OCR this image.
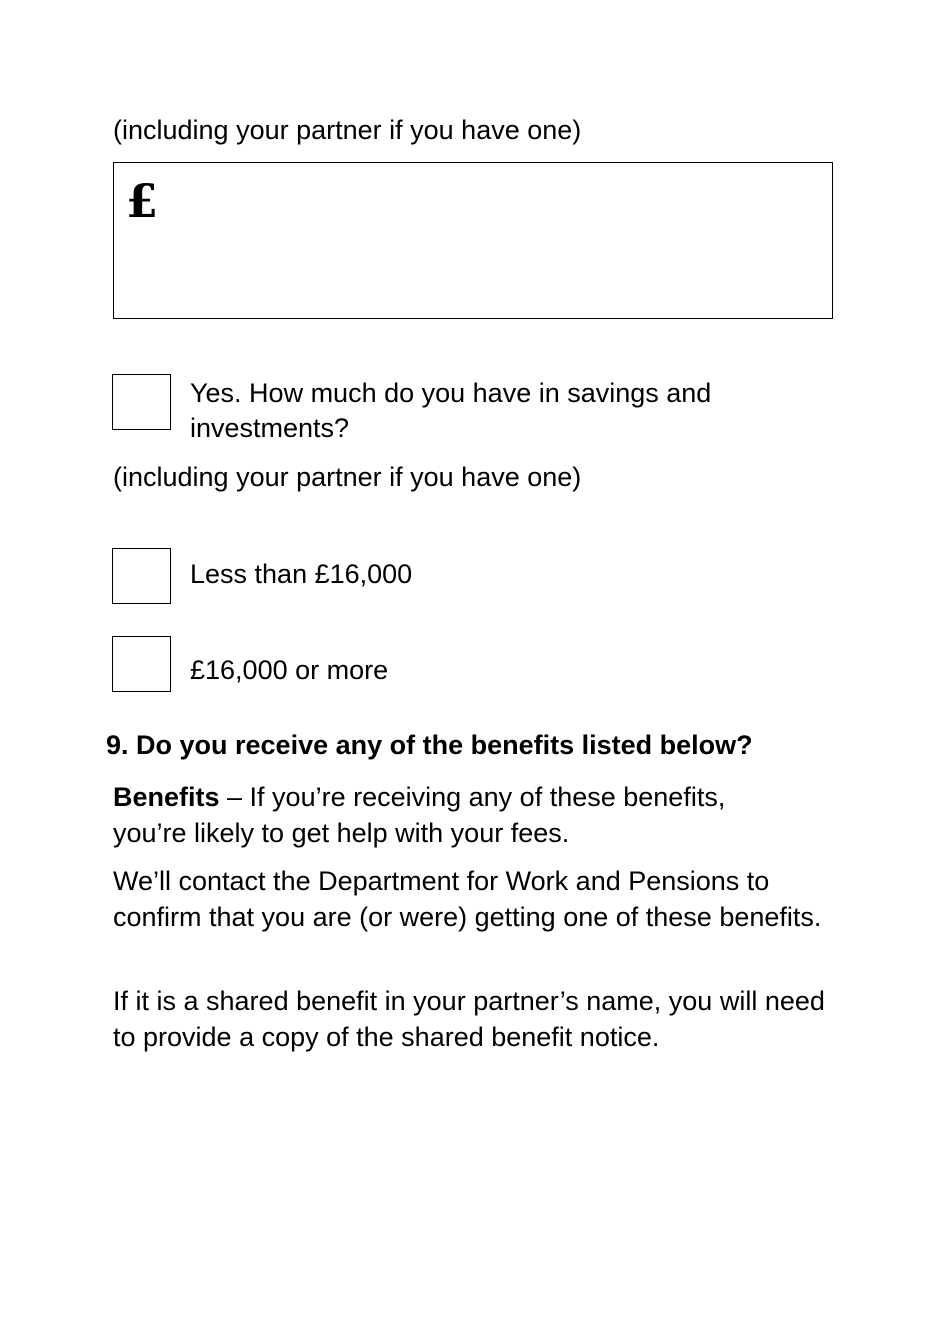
(including your partner if you have one)

£

Yes. How much do you have in savings and

investments?

(including your partner if you have one)

Less than £16,000

£16,000 or more

9. Do you receive any of the benefits listed below?

Benefits – If you’re receiving any of these benefits,
you’re likely to get help with your fees.

We’ll contact the Department for Work and Pensions to confirm that you are (or were) getting one of these benefits.

If it is a shared benefit in your partner’s name, you will need to provide a copy of the shared benefit notice.
